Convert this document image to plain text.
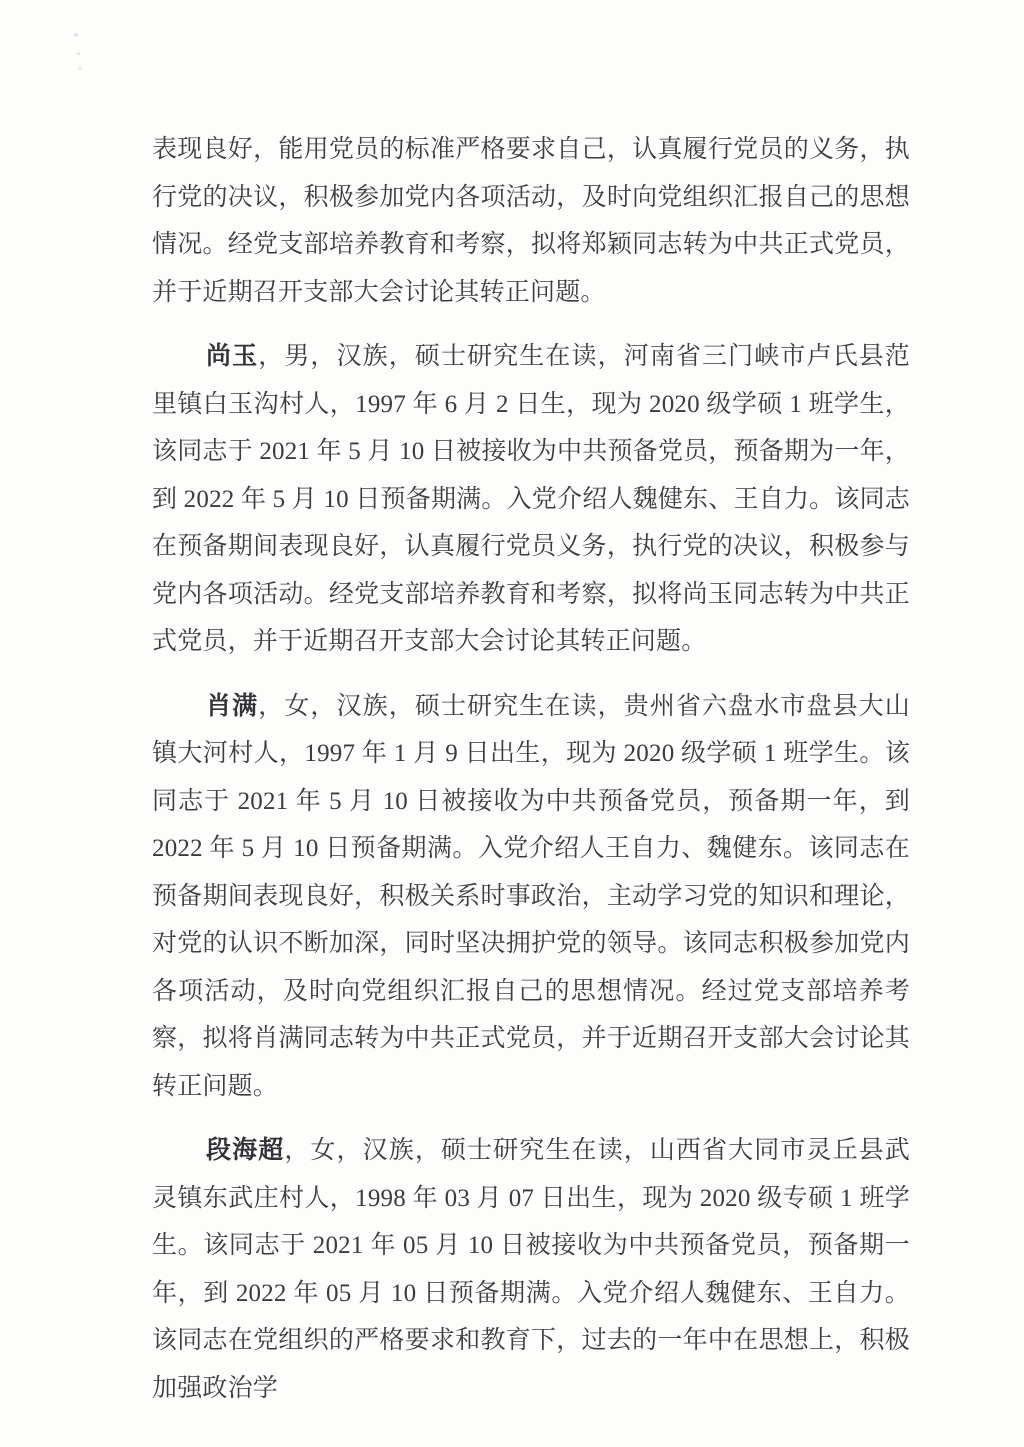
表现良好，能用党员的标准严格要求自己，认真履行党员的义务，执行党的决议，积极参加党内各项活动，及时向党组织汇报自己的思想情况。经党支部培养教育和考察，拟将郑颖同志转为中共正式党员，并于近期召开支部大会讨论其转正问题。

尚玉，男，汉族，硕士研究生在读，河南省三门峡市卢氏县范里镇白玉沟村人，1997 年 6 月 2 日生，现为 2020 级学硕 1 班学生，该同志于 2021 年 5 月 10 日被接收为中共预备党员，预备期为一年，到 2022 年 5 月 10 日预备期满。入党介绍人魏健东、王自力。该同志在预备期间表现良好，认真履行党员义务，执行党的决议，积极参与党内各项活动。经党支部培养教育和考察，拟将尚玉同志转为中共正式党员，并于近期召开支部大会讨论其转正问题。

肖满，女，汉族，硕士研究生在读，贵州省六盘水市盘县大山镇大河村人，1997 年 1 月 9 日出生，现为 2020 级学硕 1 班学生。该同志于 2021 年 5 月 10 日被接收为中共预备党员，预备期一年，到 2022 年 5 月 10 日预备期满。入党介绍人王自力、魏健东。该同志在预备期间表现良好，积极关系时事政治，主动学习党的知识和理论，对党的认识不断加深，同时坚决拥护党的领导。该同志积极参加党内各项活动，及时向党组织汇报自己的思想情况。经过党支部培养考察，拟将肖满同志转为中共正式党员，并于近期召开支部大会讨论其转正问题。

段海超，女，汉族，硕士研究生在读，山西省大同市灵丘县武灵镇东武庄村人，1998 年 03 月 07 日出生，现为 2020 级专硕 1 班学生。该同志于 2021 年 05 月 10 日被接收为中共预备党员，预备期一年，到 2022 年 05 月 10 日预备期满。入党介绍人魏健东、王自力。该同志在党组织的严格要求和教育下，过去的一年中在思想上，积极加强政治学
